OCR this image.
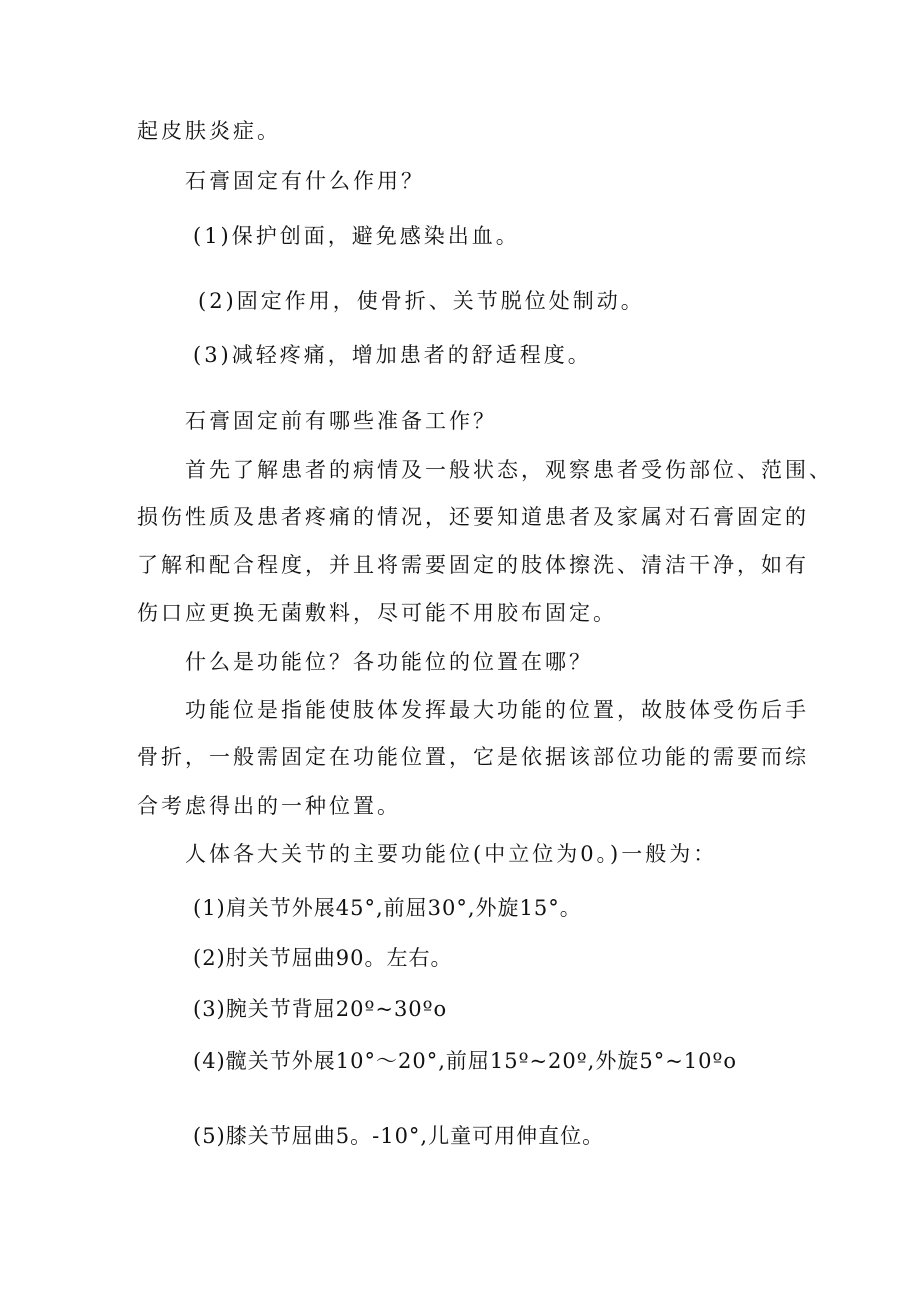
起皮肤炎症。

石膏固定有什么作用？

(1)保护创面，避免感染出血。

(2)固定作用，使骨折、关节脱位处制动。

(3)减轻疼痛，增加患者的舒适程度。

石膏固定前有哪些准备工作？

首先了解患者的病情及一般状态，观察患者受伤部位、范围、

损伤性质及患者疼痛的情况，还要知道患者及家属对石膏固定的

了解和配合程度，并且将需要固定的肢体擦洗、清洁干净，如有

伤口应更换无菌敷料，尽可能不用胶布固定。

什么是功能位？各功能位的位置在哪？

功能位是指能使肢体发挥最大功能的位置，故肢体受伤后手

骨折，一般需固定在功能位置，它是依据该部位功能的需要而综

合考虑得出的一种位置。

人体各大关节的主要功能位(中立位为0。)一般为：

(1)肩关节外展45°,前屈30°,外旋15°。

(2)肘关节屈曲90。左右。

(3)腕关节背屈20º~30ºo

(4)髋关节外展10°～20°,前屈15º~20º,外旋5°~10ºo

(5)膝关节屈曲5。-10°,儿童可用伸直位。
